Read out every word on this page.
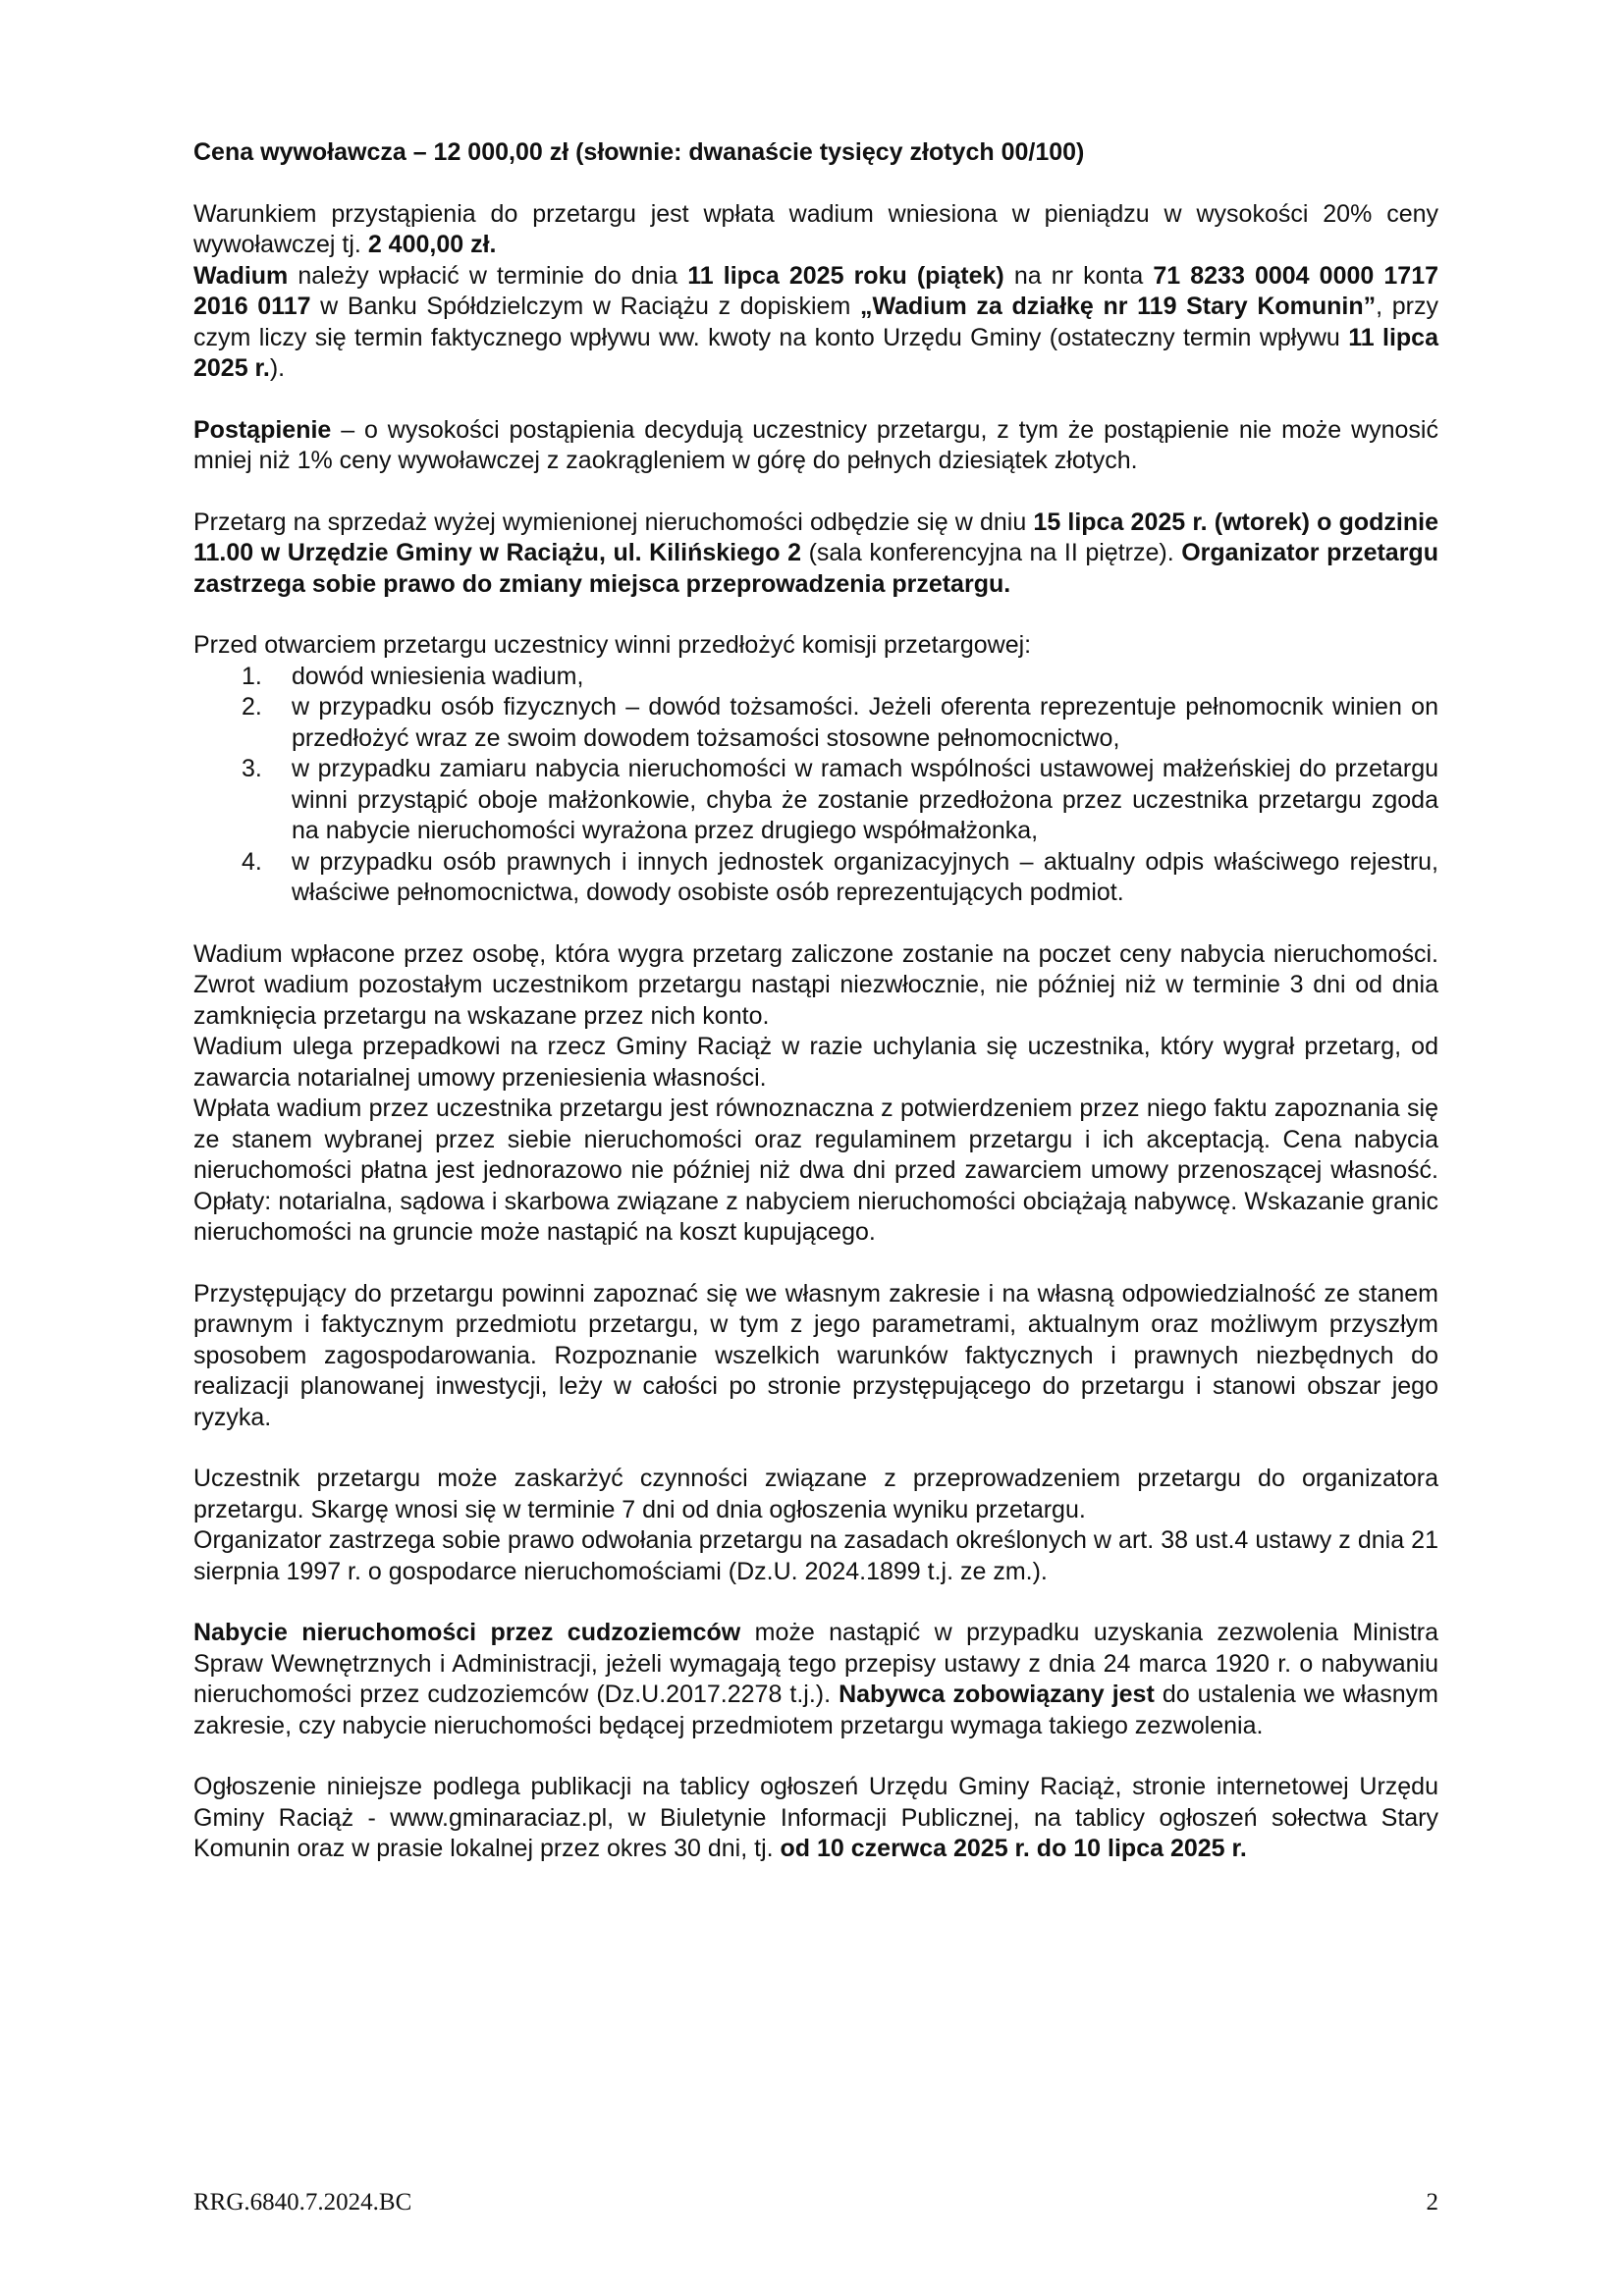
Cena wywoławcza – 12 000,00 zł (słownie: dwanaście tysięcy złotych 00/100)

Warunkiem przystąpienia do przetargu jest wpłata wadium wniesiona w pieniądzu w wysokości 20% ceny wywoławczej tj. 2 400,00 zł.

Wadium należy wpłacić w terminie do dnia 11 lipca 2025 roku (piątek) na nr konta 71 8233 0004 0000 1717 2016 0117 w Banku Spółdzielczym w Raciążu z dopiskiem „Wadium za działkę nr 119 Stary Komunin”, przy czym liczy się termin faktycznego wpływu ww. kwoty na konto Urzędu Gminy (ostateczny termin wpływu 11 lipca 2025 r.).

Postąpienie – o wysokości postąpienia decydują uczestnicy przetargu, z tym że postąpienie nie może wynosić mniej niż 1% ceny wywoławczej z zaokrągleniem w górę do pełnych dziesiątek złotych.

Przetarg na sprzedaż wyżej wymienionej nieruchomości odbędzie się w dniu 15 lipca 2025 r. (wtorek) o godzinie 11.00 w Urzędzie Gminy w Raciążu, ul. Kilińskiego 2 (sala konferencyjna na II piętrze). Organizator przetargu zastrzega sobie prawo do zmiany miejsca przeprowadzenia przetargu.

Przed otwarciem przetargu uczestnicy winni przedłożyć komisji przetargowej:

1.	dowód wniesienia wadium,
2.	w przypadku osób fizycznych – dowód tożsamości. Jeżeli oferenta reprezentuje pełnomocnik winien on przedłożyć wraz ze swoim dowodem tożsamości stosowne pełnomocnictwo,
3.	w przypadku zamiaru nabycia nieruchomości w ramach wspólności ustawowej małżeńskiej do przetargu winni przystąpić oboje małżonkowie, chyba że zostanie przedłożona przez uczestnika przetargu zgoda na nabycie nieruchomości wyrażona przez drugiego współmałżonka,
4.	w przypadku osób prawnych i innych jednostek organizacyjnych – aktualny odpis właściwego rejestru, właściwe pełnomocnictwa, dowody osobiste osób reprezentujących podmiot.

Wadium wpłacone przez osobę, która wygra przetarg zaliczone zostanie na poczet ceny nabycia nieruchomości. Zwrot wadium pozostałym uczestnikom przetargu nastąpi niezwłocznie, nie później niż w terminie 3 dni od dnia zamknięcia przetargu na wskazane przez nich konto.

Wadium ulega przepadkowi na rzecz Gminy Raciąż w razie uchylania się uczestnika, który wygrał przetarg, od zawarcia notarialnej umowy przeniesienia własności.

Wpłata wadium przez uczestnika przetargu jest równoznaczna z potwierdzeniem przez niego faktu zapoznania się ze stanem wybranej przez siebie nieruchomości oraz regulaminem przetargu i ich akceptacją. Cena nabycia nieruchomości płatna jest jednorazowo nie później niż dwa dni przed zawarciem umowy przenoszącej własność. Opłaty: notarialna, sądowa i skarbowa związane z nabyciem nieruchomości obciążają nabywcę. Wskazanie granic nieruchomości na gruncie może nastąpić na koszt kupującego.

Przystępujący do przetargu powinni zapoznać się we własnym zakresie i na własną odpowiedzialność ze stanem prawnym i faktycznym przedmiotu przetargu, w tym z jego parametrami, aktualnym oraz możliwym przyszłym sposobem zagospodarowania. Rozpoznanie wszelkich warunków faktycznych i prawnych niezbędnych do realizacji planowanej inwestycji, leży w całości po stronie przystępującego do przetargu i stanowi obszar jego ryzyka.

Uczestnik przetargu może zaskarżyć czynności związane z przeprowadzeniem przetargu do organizatora przetargu. Skargę wnosi się w terminie 7 dni od dnia ogłoszenia wyniku przetargu.

Organizator zastrzega sobie prawo odwołania przetargu na zasadach określonych w art. 38 ust.4 ustawy z dnia 21 sierpnia 1997 r. o gospodarce nieruchomościami (Dz.U. 2024.1899 t.j. ze zm.).

Nabycie nieruchomości przez cudzoziemców może nastąpić w przypadku uzyskania zezwolenia Ministra Spraw Wewnętrznych i Administracji, jeżeli wymagają tego przepisy ustawy z dnia 24 marca 1920 r. o nabywaniu nieruchomości przez cudzoziemców (Dz.U.2017.2278 t.j.). Nabywca zobowiązany jest do ustalenia we własnym zakresie, czy nabycie nieruchomości będącej przedmiotem przetargu wymaga takiego zezwolenia.

Ogłoszenie niniejsze podlega publikacji na tablicy ogłoszeń Urzędu Gminy Raciąż, stronie internetowej Urzędu Gminy Raciąż - www.gminaraciaz.pl, w Biuletynie Informacji Publicznej, na tablicy ogłoszeń sołectwa Stary Komunin oraz w prasie lokalnej przez okres 30 dni, tj. od 10 czerwca 2025 r. do 10 lipca 2025 r.

RRG.6840.7.2024.BC	2
